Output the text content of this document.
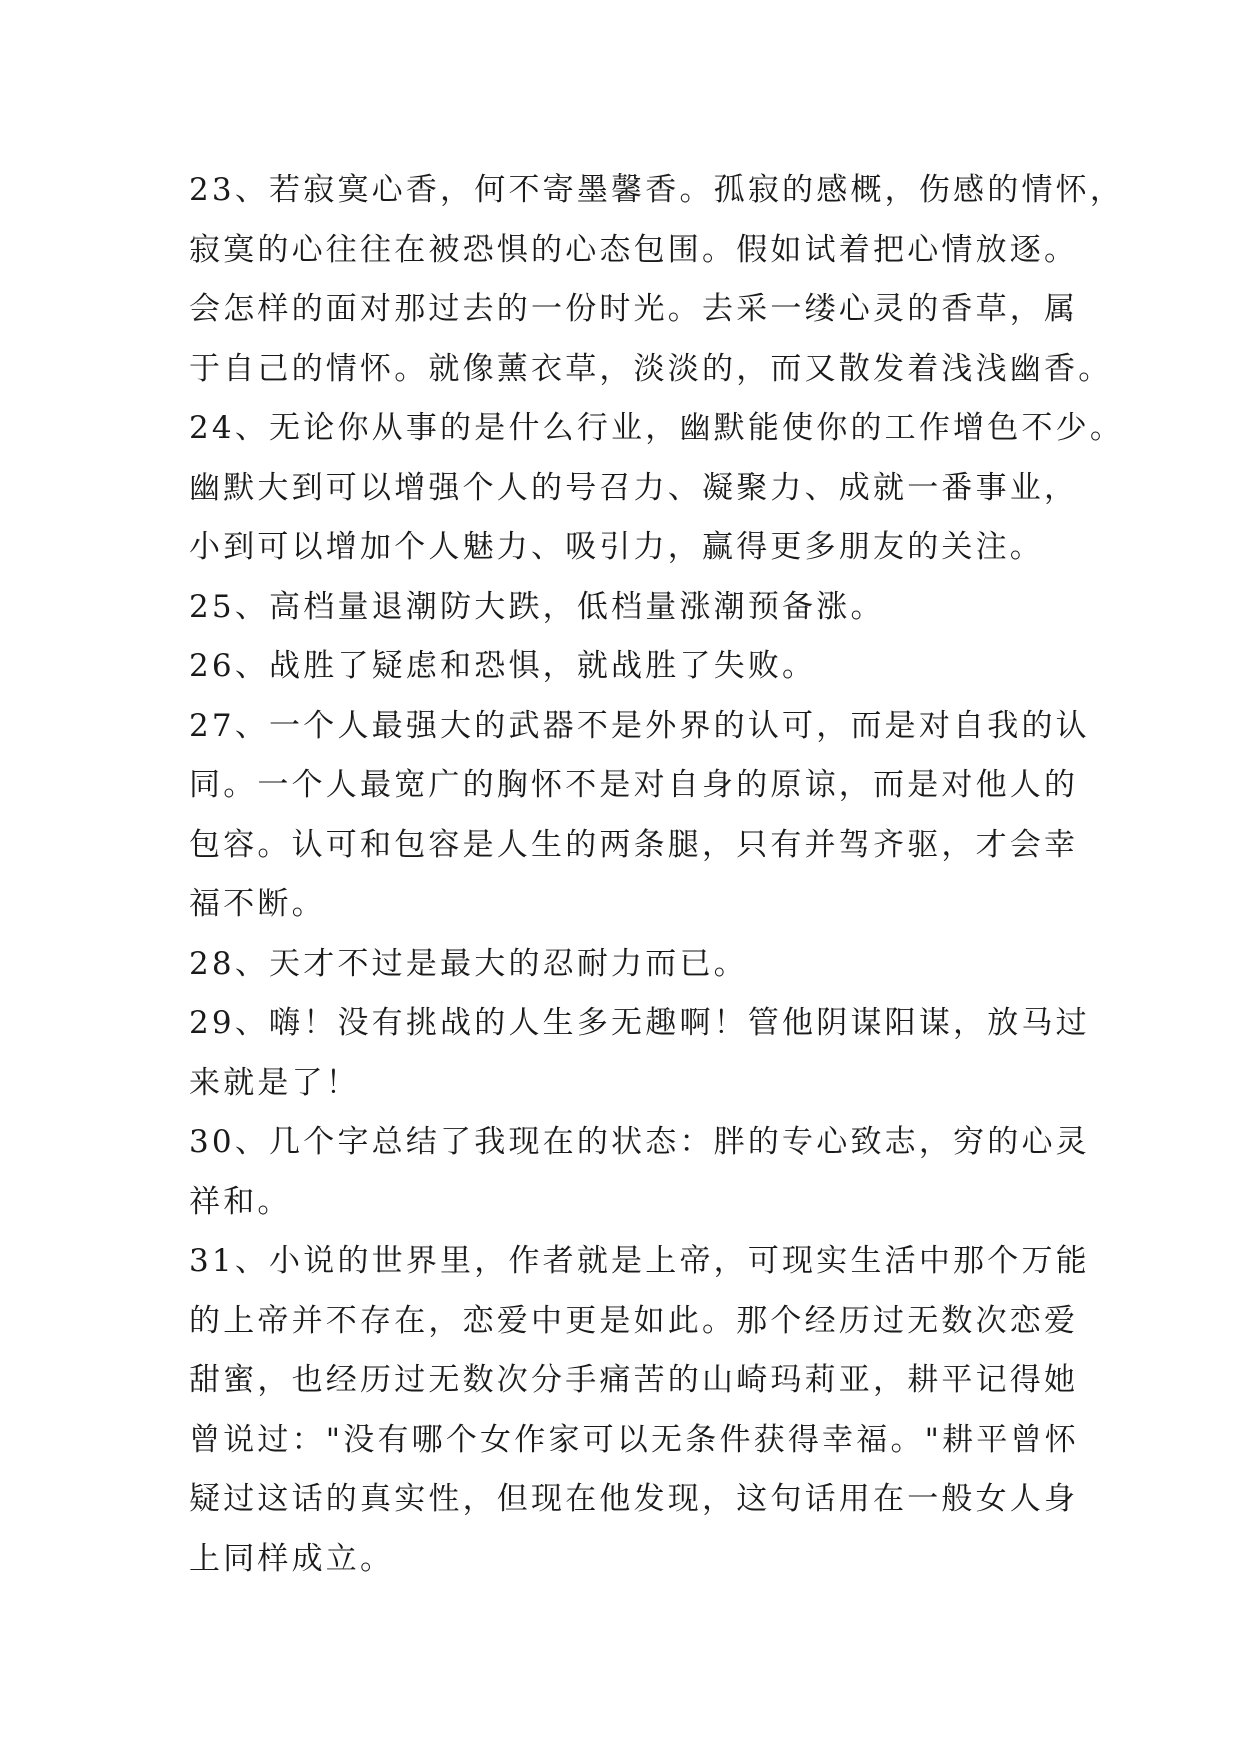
23、若寂寞心香，何不寄墨馨香。孤寂的感概，伤感的情怀，
寂寞的心往往在被恐惧的心态包围。假如试着把心情放逐。
会怎样的面对那过去的一份时光。去采一缕心灵的香草，属
于自己的情怀。就像薰衣草，淡淡的，而又散发着浅浅幽香。

24、无论你从事的是什么行业，幽默能使你的工作增色不少。
幽默大到可以增强个人的号召力、凝聚力、成就一番事业，
小到可以增加个人魅力、吸引力，赢得更多朋友的关注。

25、高档量退潮防大跌，低档量涨潮预备涨。

26、战胜了疑虑和恐惧，就战胜了失败。

27、一个人最强大的武器不是外界的认可，而是对自我的认
同。一个人最宽广的胸怀不是对自身的原谅，而是对他人的
包容。认可和包容是人生的两条腿，只有并驾齐驱，才会幸
福不断。

28、天才不过是最大的忍耐力而已。

29、嗨！没有挑战的人生多无趣啊！管他阴谋阳谋，放马过
来就是了！

30、几个字总结了我现在的状态：胖的专心致志，穷的心灵
祥和。

31、小说的世界里，作者就是上帝，可现实生活中那个万能
的上帝并不存在，恋爱中更是如此。那个经历过无数次恋爱
甜蜜，也经历过无数次分手痛苦的山崎玛莉亚，耕平记得她
曾说过："没有哪个女作家可以无条件获得幸福。"耕平曾怀
疑过这话的真实性，但现在他发现，这句话用在一般女人身
上同样成立。
